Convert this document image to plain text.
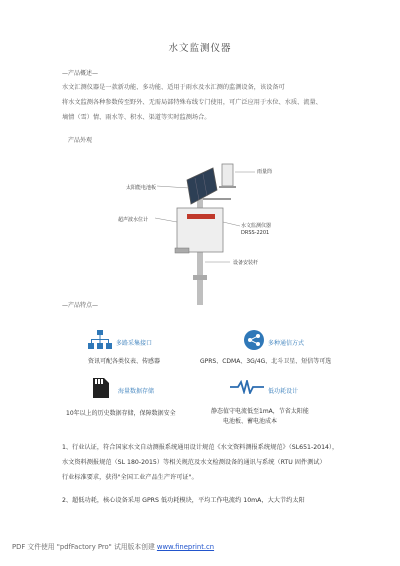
水文监测仪器
—产品概述—
水文汇测仪器是一款新功能、多功能、适用于雨水及水汇测的监测设备，该设备可
将水文监测各种参数传至野外、无需局部特殊布线专门使用，可广泛应用于水位、水质、流量、
墒情（雪）情、雨水等、积水、渠道等实时监测场合。
产品外观
太阳能电池板
雨量筒
超声波水位计
水文监测仪器
DRSS-2201
设备安装杆
—产品特点—
多路采集接口
资讯可配各类仪表、传感器
多种通信方式
GPRS、CDMA、3G/4G、北斗卫星、短信等可选
海量数据存储
10年以上的历史数据存储，保障数据安全
低功耗设计
静态值守电流低至1mA，节省太阳能
电池板、蓄电池成本
1、行业认证，符合国家水文自动测报系统通用设计规范《水文资料测报系统规范》（SL651-2014），
水文资料测报规范（SL 180-2015）等相关规范及水文检测设备的通讯与系统（RTU 固件测试）
行业标准要求，获得"全国工业产品生产许可证"。
2、超低功耗，核心设备采用 GPRS 低功耗模块，平均工作电流约 10mA，大大节约太阳
PDF 文件使用 "pdfFactory Pro" 试用版本创建 www.fineprint.cn
